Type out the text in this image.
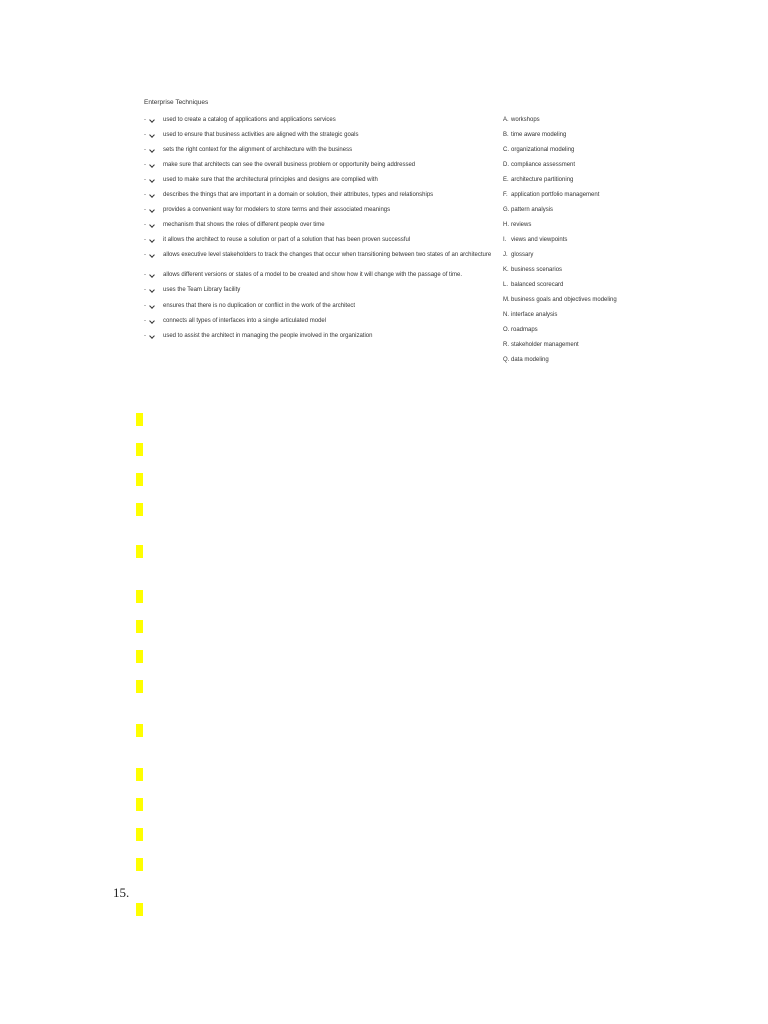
Enterprise Techniques
-	used to create a catalog of applications and applications services
-	used to ensure that business activities are aligned with the strategic goals
-	sets the right context for the alignment of architecture with the business
-	make sure that architects can see the overall business problem or opportunity being addressed
-	used to make sure that the architectural principles and designs are complied with
-	describes the things that are important in a domain or solution, their attributes, types and relationships
-	provides a convenient way for modelers to store terms and their associated meanings
-	mechanism that shows the roles of different people over time
-	it allows the architect to reuse a solution or part of a solution that has been proven successful
-	allows executive level stakeholders to track the changes that occur when transitioning between two states of an architecture
-	allows different versions or states of a model to be created and show how it will change with the passage of time.
-	uses the Team Library facility
-	ensures that there is no duplication or conflict in the work of the architect
-	connects all types of interfaces into a single articulated model
-	used to assist the architect in managing the people involved in the organization
A. workshops
B. time aware modeling
C. organizational modeling
D. compliance assessment
E. architecture partitioning
F. application portfolio management
G. pattern analysis
H. reviews
I. views and viewpoints
J. glossary
K. business scenarios
L. balanced scorecard
M.business goals and objectives modeling
N. interface analysis
O. roadmaps
R. stakeholder management
Q. data modeling
15.
